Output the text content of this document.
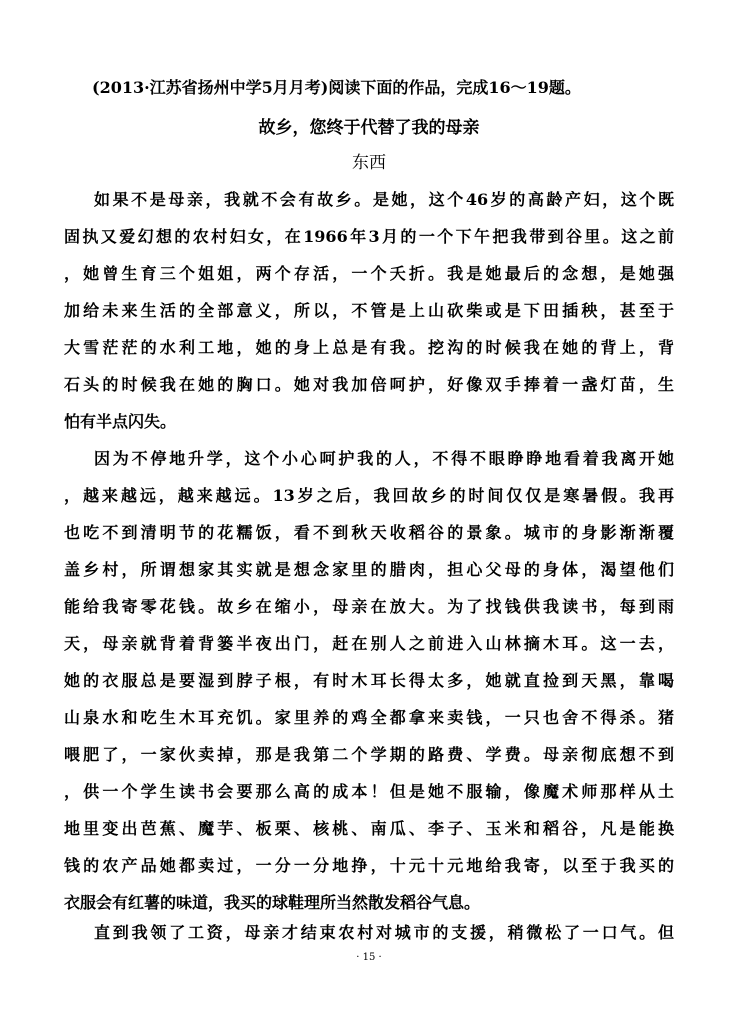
(2013·江苏省扬州中学5月月考)阅读下面的作品，完成16～19题。
故乡，您终于代替了我的母亲
东西
如果不是母亲，我就不会有故乡。是她，这个46岁的高龄产妇，这个既
固执又爱幻想的农村妇女，在1966年3月的一个下午把我带到谷里。这之前
，她曾生育三个姐姐，两个存活，一个夭折。我是她最后的念想，是她强
加给未来生活的全部意义，所以，不管是上山砍柴或是下田插秧，甚至于
大雪茫茫的水利工地，她的身上总是有我。挖沟的时候我在她的背上，背
石头的时候我在她的胸口。她对我加倍呵护，好像双手捧着一盏灯苗，生
怕有半点闪失。
因为不停地升学，这个小心呵护我的人，不得不眼睁睁地看着我离开她
，越来越远，越来越远。13岁之后，我回故乡的时间仅仅是寒暑假。我再
也吃不到清明节的花糯饭，看不到秋天收稻谷的景象。城市的身影渐渐覆
盖乡村，所谓想家其实就是想念家里的腊肉，担心父母的身体，渴望他们
能给我寄零花钱。故乡在缩小，母亲在放大。为了找钱供我读书，每到雨
天，母亲就背着背篓半夜出门，赶在别人之前进入山林摘木耳。这一去，
她的衣服总是要湿到脖子根，有时木耳长得太多，她就直捡到天黑，靠喝
山泉水和吃生木耳充饥。家里养的鸡全都拿来卖钱，一只也舍不得杀。猪
喂肥了，一家伙卖掉，那是我第二个学期的路费、学费。母亲彻底想不到
，供一个学生读书会要那么高的成本！但是她不服输，像魔术师那样从土
地里变出芭蕉、魔芋、板栗、核桃、南瓜、李子、玉米和稻谷，凡是能换
钱的农产品她都卖过，一分一分地挣，十元十元地给我寄，以至于我买的
衣服会有红薯的味道，我买的球鞋理所当然散发稻谷气息。
直到我领了工资，母亲才结束农村对城市的支援，稍微松了一口气。但
· 15 ·
